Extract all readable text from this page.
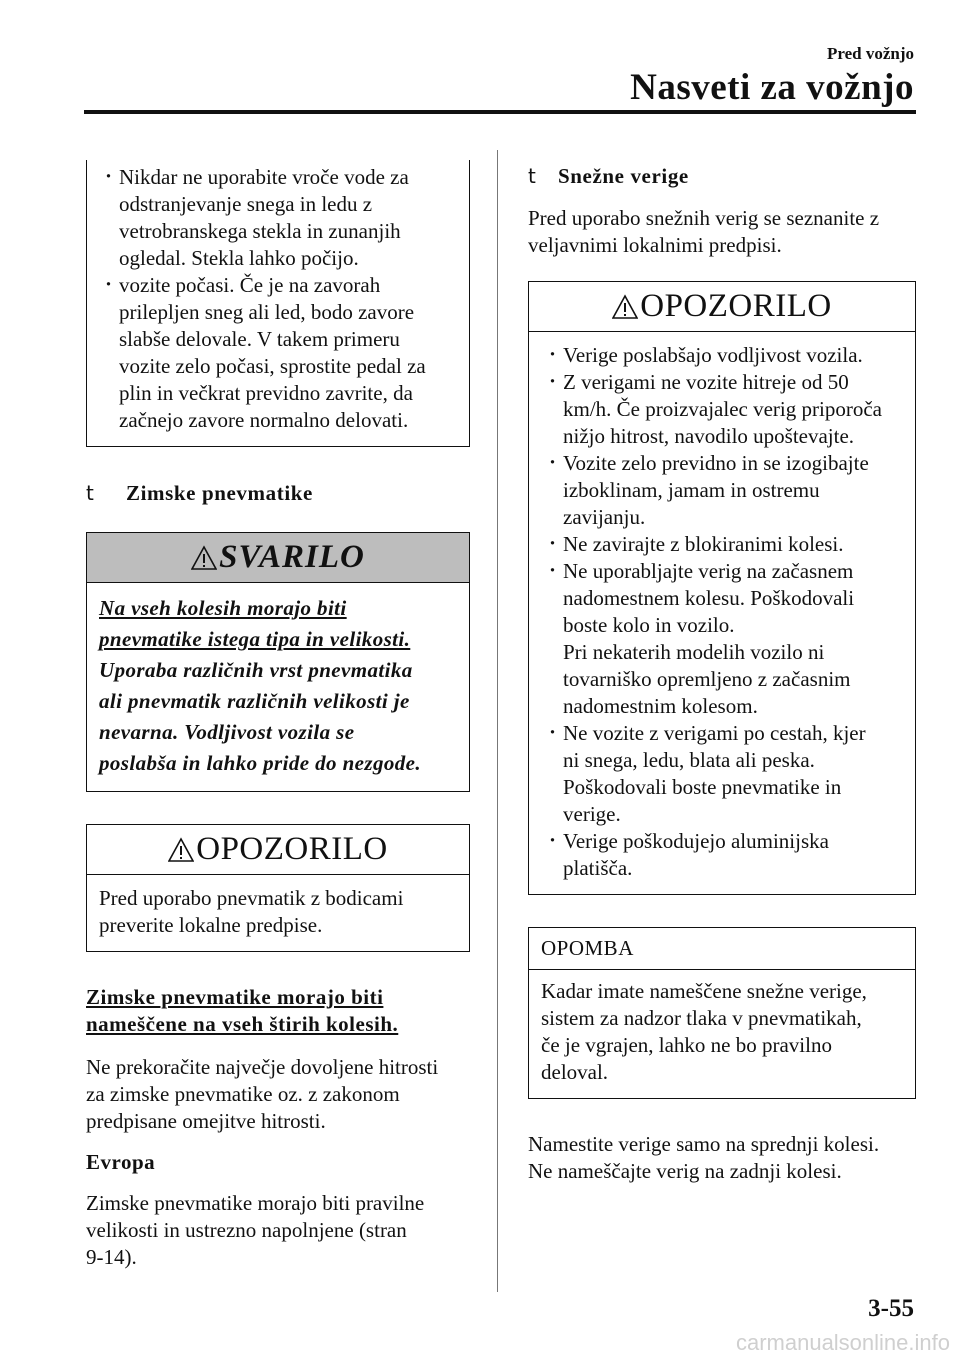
Pred vožnjo
Nasveti za vožnjo
· Nikdar ne uporabite vroče vode za
odstranjevanje snega in ledu z
vetrobranskega stekla in zunanjih
ogledal. Stekla lahko počijo.
· vozite počasi. Če je na zavorah
prilepljen sneg ali led, bodo zavore
slabše delovale. V takem primeru
vozite zelo počasi, sprostite pedal za
plin in večkrat previdno zavrite, da
začnejo zavore normalno delovati.
t	Zimske pnevmatike
SVARILO

Na vseh kolesih morajo biti

pnevmatike istega tipa in velikosti.

Uporaba različnih vrst pnevmatika

ali pnevmatik različnih velikosti je

nevarna. Vodljivost vozila se

poslabša in lahko pride do nezgode.

OPOZORILO

Pred uporabo pnevmatik z bodicami

preverite lokalne predpise.

Zimske pnevmatike morajo biti
nameščene na vseh štirih kolesih.

Ne prekoračite največje dovoljene hitrosti

za zimske pnevmatike oz. z zakonom

predpisane omejitve hitrosti.

Evropa

Zimske pnevmatike morajo biti pravilne

velikosti in ustrezno napolnjene (stran

9-14).

t	Snežne verige

Pred uporabo snežnih verig se seznanite z

veljavnimi lokalnimi predpisi.

OPOZORILO
· Verige poslabšajo vodljivost vozila.
· Z verigami ne vozite hitreje od 50
km/h. Če proizvajalec verig priporoča
nižjo hitrost, navodilo upoštevajte.
· Vozite zelo previdno in se izogibajte
izboklinam, jamam in ostremu
zavijanju.
· Ne zavirajte z blokiranimi kolesi.
· Ne uporabljajte verig na začasnem
nadomestnem kolesu. Poškodovali
boste kolo in vozilo.
Pri nekaterih modelih vozilo ni
tovarniško opremljeno z začasnim
nadomestnim kolesom.
· Ne vozite z verigami po cestah, kjer
ni snega, ledu, blata ali peska.
Poškodovali boste pnevmatike in
verige.
· Verige poškodujejo aluminijska
platišča.
OPOMBA
Kadar imate nameščene snežne verige,
sistem za nadzor tlaka v pnevmatikah,
če je vgrajen, lahko ne bo pravilno
deloval.

Namestite verige samo na sprednji kolesi.

Ne nameščajte verig na zadnji kolesi.

3-55
carmanualsonline.info
